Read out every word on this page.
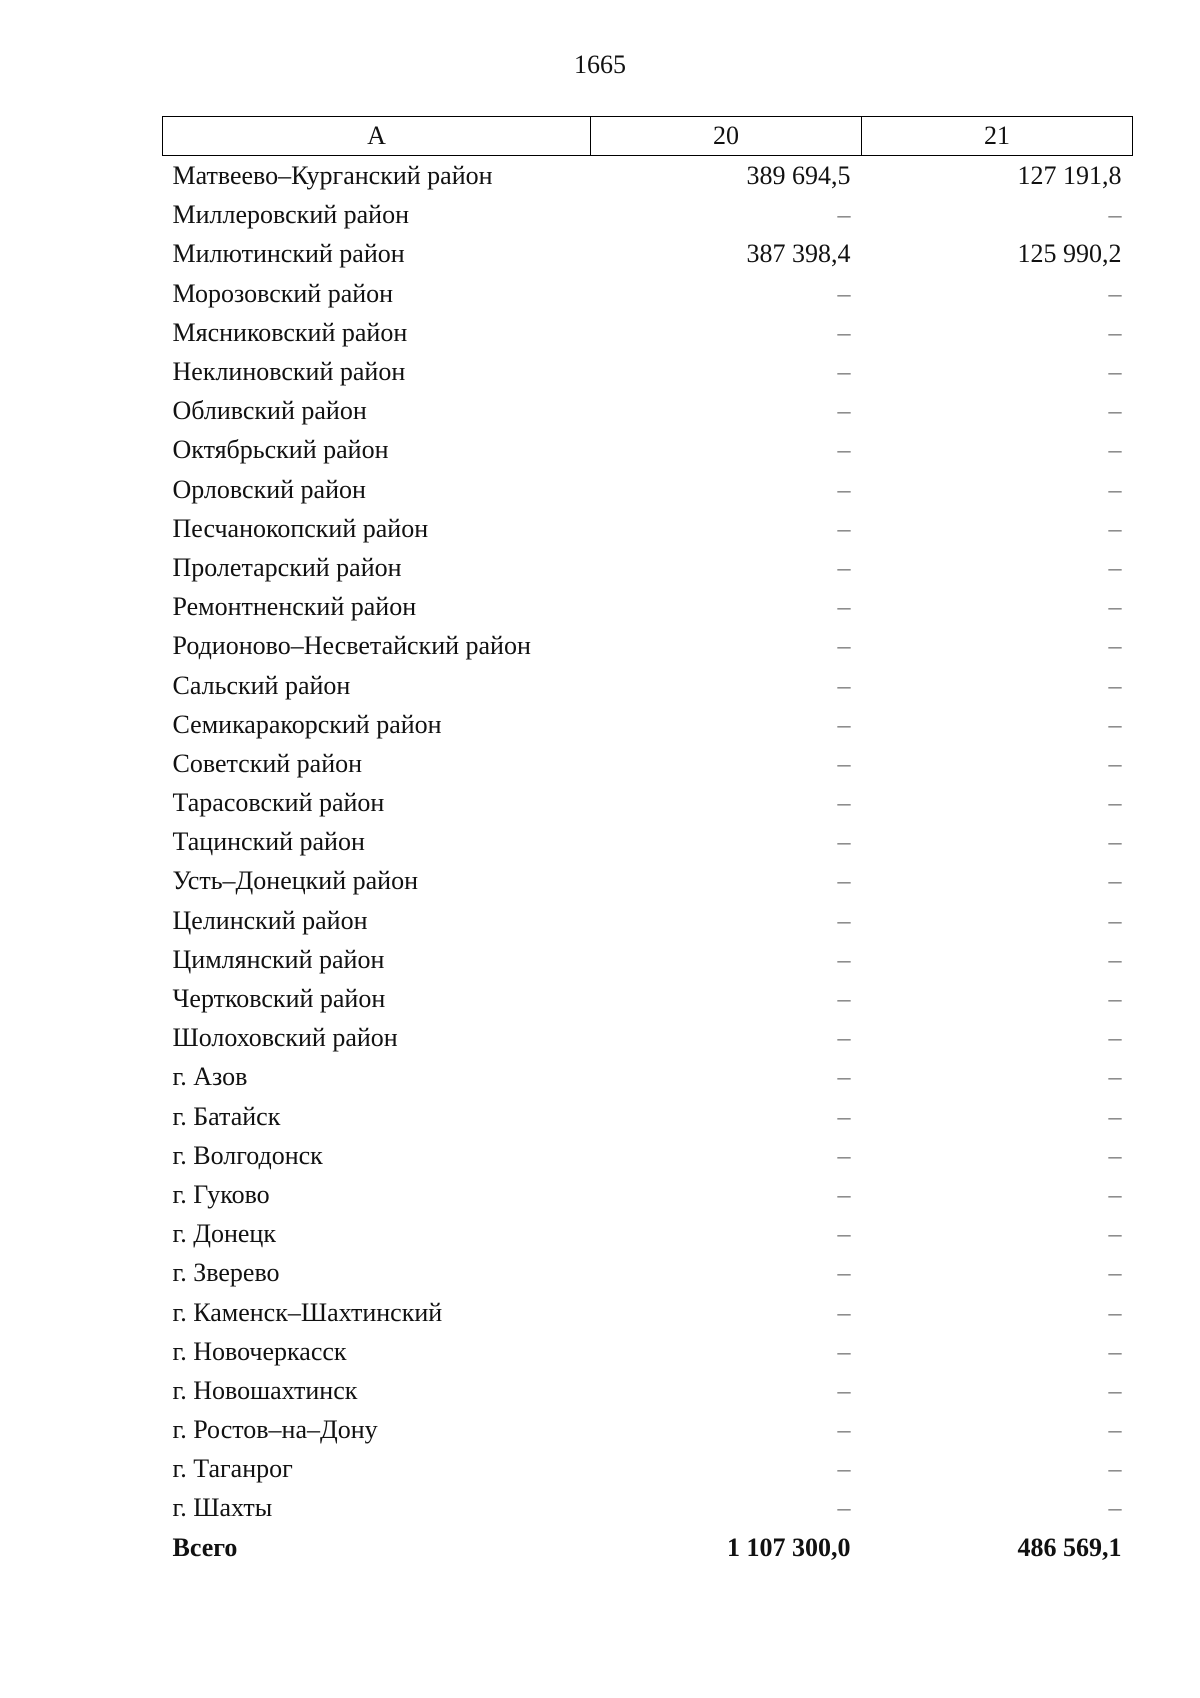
1665
А	20	21
Матвеево–Курганский район	389 694,5	127 191,8
Миллеровский район	–	–
Милютинский район	387 398,4	125 990,2
Морозовский район	–	–
Мясниковский район	–	–
Неклиновский район	–	–
Обливский район	–	–
Октябрьский район	–	–
Орловский район	–	–
Песчанокопский район	–	–
Пролетарский район	–	–
Ремонтненский район	–	–
Родионово–Несветайский район	–	–
Сальский район	–	–
Семикаракорский район	–	–
Советский район	–	–
Тарасовский район	–	–
Тацинский район	–	–
Усть–Донецкий район	–	–
Целинский район	–	–
Цимлянский район	–	–
Чертковский район	–	–
Шолоховский район	–	–
г. Азов	–	–
г. Батайск	–	–
г. Волгодонск	–	–
г. Гуково	–	–
г. Донецк	–	–
г. Зверево	–	–
г. Каменск–Шахтинский	–	–
г. Новочеркасск	–	–
г. Новошахтинск	–	–
г. Ростов–на–Дону	–	–
г. Таганрог	–	–
г. Шахты	–	–
Всего	1 107 300,0	486 569,1
